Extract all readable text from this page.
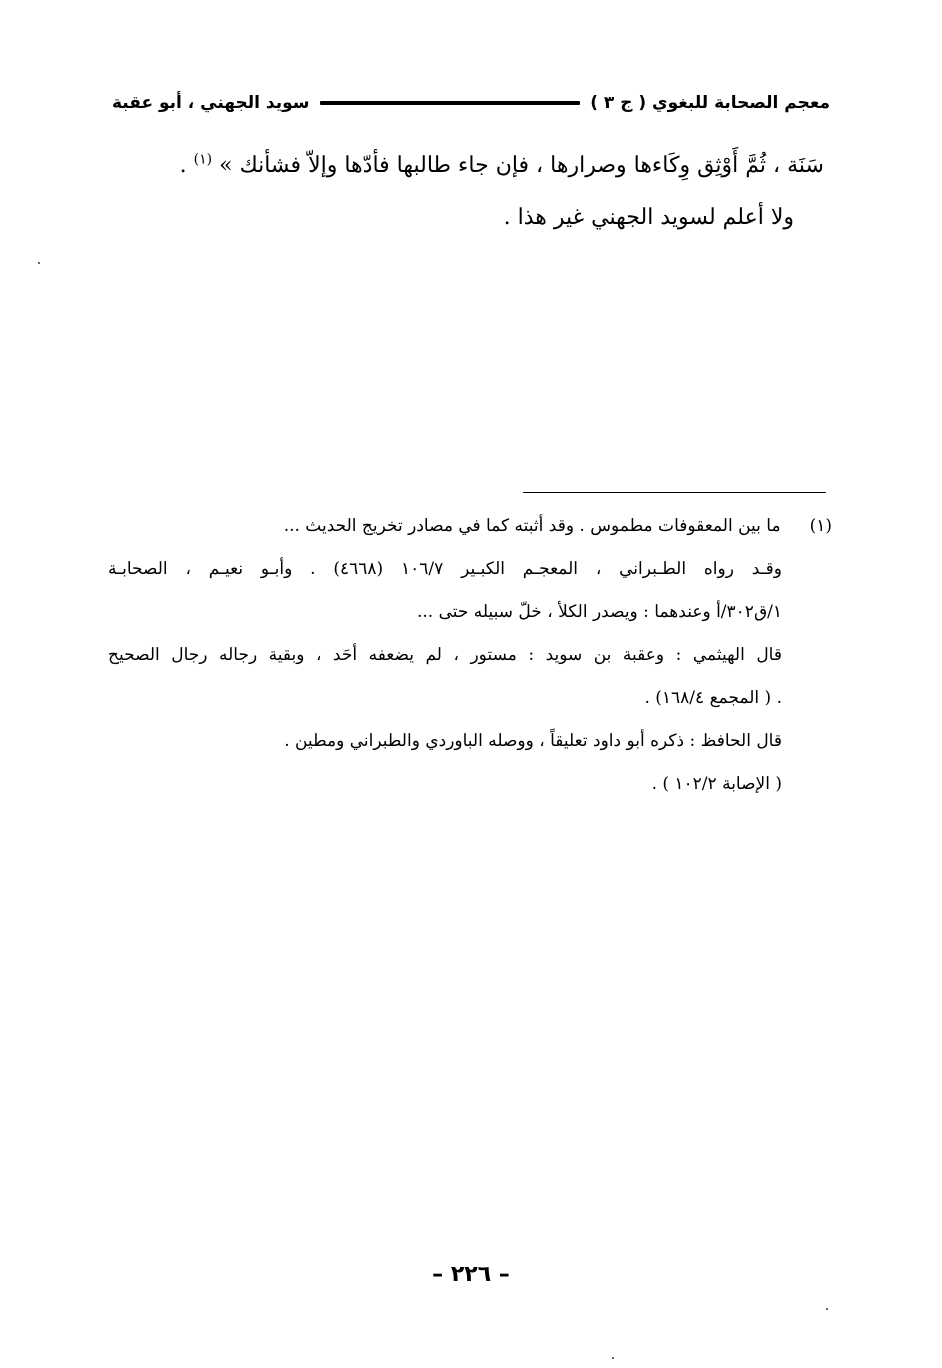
معجم الصحابة للبغوي ( ج ٣ )
سويد الجهني ، أبو عقبة

سَنَة ، ثُمَّ أَوْثِق وِكَاءها وصرارها ، فإن جاء طالبها فأدّها وإلاّ فشأنك » $^{(١)}$ .

ولا أعلم لسويد الجهني غير هذا .

(١) ما بين المعقوفات مطموس . وقد أثبته كما في مصادر تخريج الحديث ...

وقـد رواه الطـبراني ، المعجـم الكبـير ١٠٦/٧ (٤٦٦٨) . وأبـو نعيـم ، الصحابـة

١/ق٣٠٢/أ وعندهما : ويصدر الكلأ ، خلّ سبيله حتى ...

قال الهيثمي : وعقبة بن سويد : مستور ، لم يضعفه أحَد ، وبقية رجاله رجال الصحيح

. ( المجمع ١٦٨/٤) .

قال الحافظ : ذكره أبو داود تعليقاً ، ووصله الباوردي والطبراني ومطين .

( الإصابة ١٠٢/٢ ) .

– ٢٢٦ –
